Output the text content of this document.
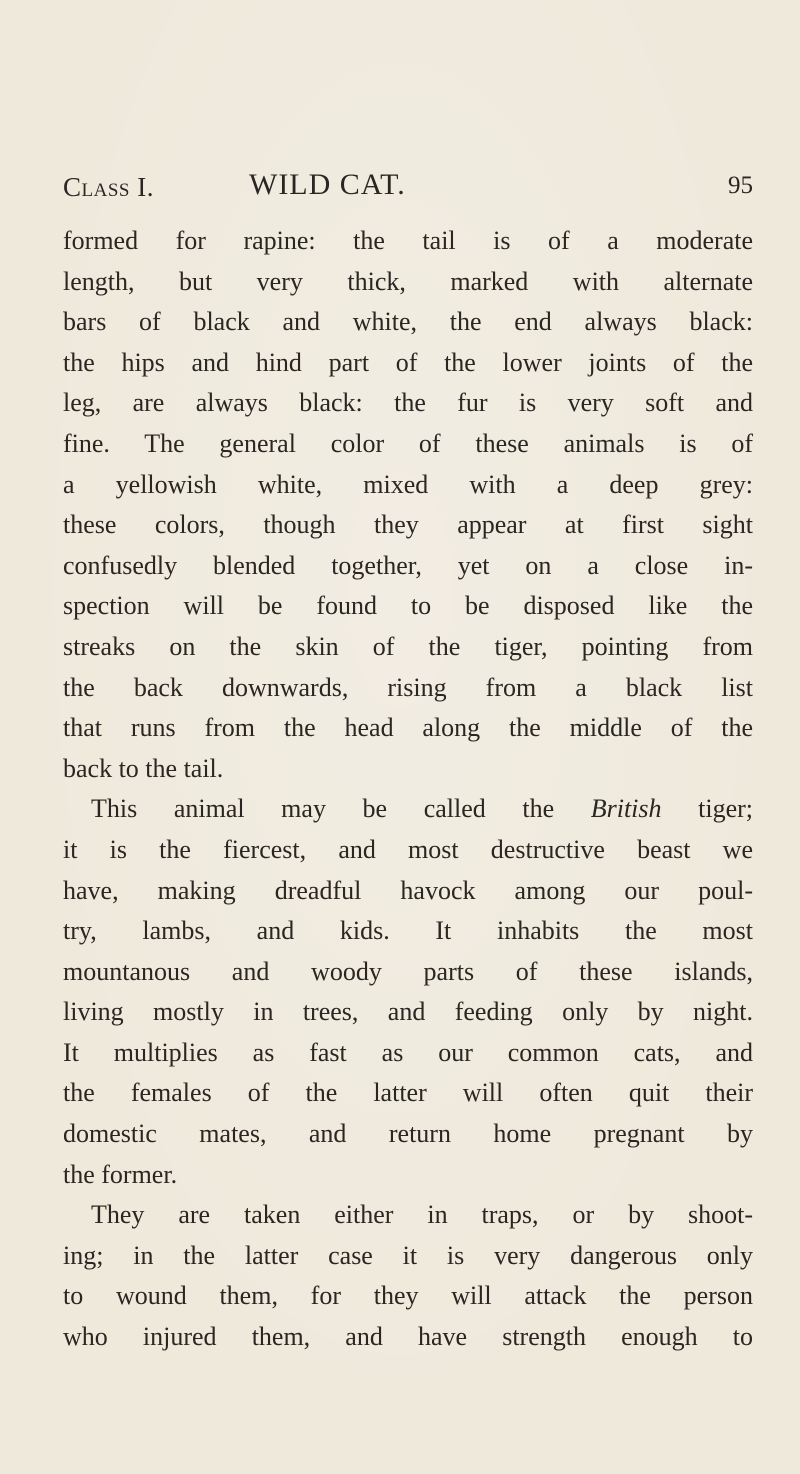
Class I.	WILD CAT.	95
formed for rapine: the tail is of a moderate
length, but very thick, marked with alternate
bars of black and white, the end always black:
the hips and hind part of the lower joints of the
leg, are always black: the fur is very soft and
fine. The general color of these animals is of
a yellowish white, mixed with a deep grey:
these colors, though they appear at first sight
confusedly blended together, yet on a close in-
spection will be found to be disposed like the
streaks on the skin of the tiger, pointing from
the back downwards, rising from a black list
that runs from the head along the middle of the
back to the tail.
This animal may be called the British tiger;
it is the fiercest, and most destructive beast we
have, making dreadful havock among our poul-
try, lambs, and kids. It inhabits the most
mountanous and woody parts of these islands,
living mostly in trees, and feeding only by night.
It multiplies as fast as our common cats, and
the females of the latter will often quit their
domestic mates, and return home pregnant by
the former.
They are taken either in traps, or by shoot-
ing; in the latter case it is very dangerous only
to wound them, for they will attack the person
who injured them, and have strength enough to
